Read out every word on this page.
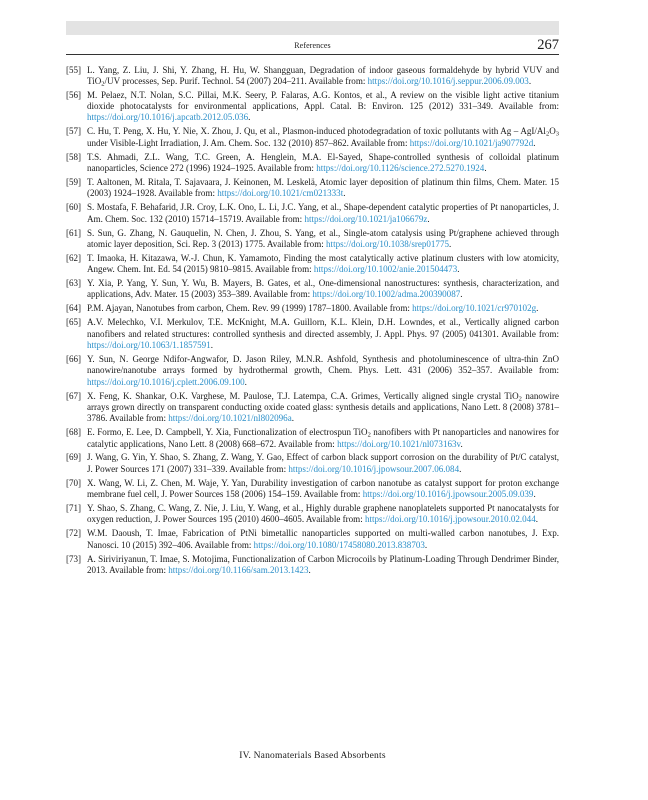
References	267
[55] L. Yang, Z. Liu, J. Shi, Y. Zhang, H. Hu, W. Shangguan, Degradation of indoor gaseous formaldehyde by hybrid VUV and TiO$_2$/UV processes, Sep. Purif. Technol. 54 (2007) 204–211. Available from: https://doi.org/10.1016/j.seppur.2006.09.003.
[56] M. Pelaez, N.T. Nolan, S.C. Pillai, M.K. Seery, P. Falaras, A.G. Kontos, et al., A review on the visible light active titanium dioxide photocatalysts for environmental applications, Appl. Catal. B: Environ. 125 (2012) 331–349. Available from: https://doi.org/10.1016/j.apcatb.2012.05.036.
[57] C. Hu, T. Peng, X. Hu, Y. Nie, X. Zhou, J. Qu, et al., Plasmon-induced photodegradation of toxic pollutants with Ag – AgI/$Al_2O_3$ under Visible-Light Irradiation, J. Am. Chem. Soc. 132 (2010) 857–862. Available from: https://doi.org/10.1021/ja907792d.
[58] T.S. Ahmadi, Z.L. Wang, T.C. Green, A. Henglein, M.A. El-Sayed, Shape-controlled synthesis of colloidal platinum nanoparticles, Science 272 (1996) 1924–1925. Available from: https://doi.org/10.1126/science.272.5270.1924.
[59] T. Aaltonen, M. Ritala, T. Sajavaara, J. Keinonen, M. Leskelä, Atomic layer deposition of platinum thin films, Chem. Mater. 15 (2003) 1924–1928. Available from: https://doi.org/10.1021/cm021333t.
[60] S. Mostafa, F. Behafarid, J.R. Croy, L.K. Ono, L. Li, J.C. Yang, et al., Shape-dependent catalytic properties of Pt nanoparticles, J. Am. Chem. Soc. 132 (2010) 15714–15719. Available from: https://doi.org/10.1021/ja106679z.
[61] S. Sun, G. Zhang, N. Gauquelin, N. Chen, J. Zhou, S. Yang, et al., Single-atom catalysis using Pt/graphene achieved through atomic layer deposition, Sci. Rep. 3 (2013) 1775. Available from: https://doi.org/10.1038/srep01775.
[62] T. Imaoka, H. Kitazawa, W.-J. Chun, K. Yamamoto, Finding the most catalytically active platinum clusters with low atomicity, Angew. Chem. Int. Ed. 54 (2015) 9810–9815. Available from: https://doi.org/10.1002/anie.201504473.
[63] Y. Xia, P. Yang, Y. Sun, Y. Wu, B. Mayers, B. Gates, et al., One-dimensional nanostructures: synthesis, characterization, and applications, Adv. Mater. 15 (2003) 353–389. Available from: https://doi.org/10.1002/adma.200390087.
[64] P.M. Ajayan, Nanotubes from carbon, Chem. Rev. 99 (1999) 1787–1800. Available from: https://doi.org/10.1021/cr970102g.
[65] A.V. Melechko, V.I. Merkulov, T.E. McKnight, M.A. Guillorn, K.L. Klein, D.H. Lowndes, et al., Vertically aligned carbon nanofibers and related structures: controlled synthesis and directed assembly, J. Appl. Phys. 97 (2005) 041301. Available from: https://doi.org/10.1063/1.1857591.
[66] Y. Sun, N. George Ndifor-Angwafor, D. Jason Riley, M.N.R. Ashfold, Synthesis and photoluminescence of ultra-thin ZnO nanowire/nanotube arrays formed by hydrothermal growth, Chem. Phys. Lett. 431 (2006) 352–357. Available from: https://doi.org/10.1016/j.cplett.2006.09.100.
[67] X. Feng, K. Shankar, O.K. Varghese, M. Paulose, T.J. Latempa, C.A. Grimes, Vertically aligned single crystal TiO$_2$ nanowire arrays grown directly on transparent conducting oxide coated glass: synthesis details and applications, Nano Lett. 8 (2008) 3781–3786. Available from: https://doi.org/10.1021/nl802096a.
[68] E. Formo, E. Lee, D. Campbell, Y. Xia, Functionalization of electrospun TiO$_2$ nanofibers with Pt nanoparticles and nanowires for catalytic applications, Nano Lett. 8 (2008) 668–672. Available from: https://doi.org/10.1021/nl073163v.
[69] J. Wang, G. Yin, Y. Shao, S. Zhang, Z. Wang, Y. Gao, Effect of carbon black support corrosion on the durability of Pt/C catalyst, J. Power Sources 171 (2007) 331–339. Available from: https://doi.org/10.1016/j.jpowsour.2007.06.084.
[70] X. Wang, W. Li, Z. Chen, M. Waje, Y. Yan, Durability investigation of carbon nanotube as catalyst support for proton exchange membrane fuel cell, J. Power Sources 158 (2006) 154–159. Available from: https://doi.org/10.1016/j.jpowsour.2005.09.039.
[71] Y. Shao, S. Zhang, C. Wang, Z. Nie, J. Liu, Y. Wang, et al., Highly durable graphene nanoplatelets supported Pt nanocatalysts for oxygen reduction, J. Power Sources 195 (2010) 4600–4605. Available from: https://doi.org/10.1016/j.jpowsour.2010.02.044.
[72] W.M. Daoush, T. Imae, Fabrication of PtNi bimetallic nanoparticles supported on multi-walled carbon nanotubes, J. Exp. Nanosci. 10 (2015) 392–406. Available from: https://doi.org/10.1080/17458080.2013.838703.
[73] A. Siriviriyanun, T. Imae, S. Motojima, Functionalization of Carbon Microcoils by Platinum-Loading Through Dendrimer Binder, 2013. Available from: https://doi.org/10.1166/sam.2013.1423.
IV. Nanomaterials Based Absorbents
